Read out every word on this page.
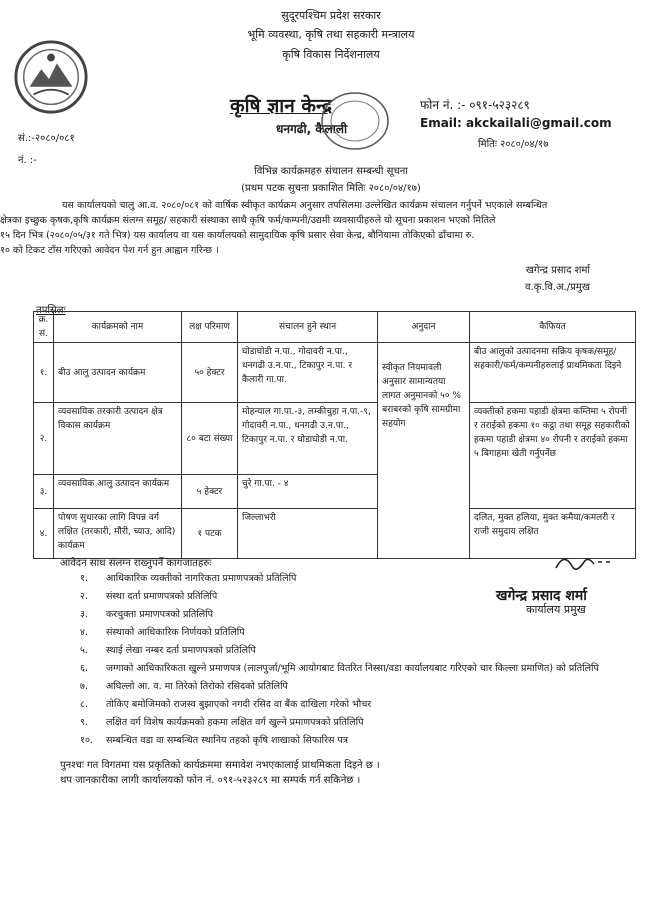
सुदूरपश्चिम प्रदेश सरकार
भूमि व्यवस्था, कृषि तथा सहकारी मन्त्रालय
कृषि विकास निर्देशनालय
कृषि ज्ञान केन्द्र
धनगढी, कैलाली
फोन नं. :- ०९१-५२३२८९
Email: akckailali@gmail.com
मितिः २०८०/०४/१७
सं.:-२०८०/०८१
नं. :-
विभिन्न कार्यक्रमहरु संचालन सम्बन्धी सूचना
(प्रथम पटक सुचना प्रकाशित मितिः २०८०/०४/१७)
यस कार्यालयको चालु आ.व. २०८०/०८१ को वार्षिक स्वीकृत कार्यक्रम अनुसार तपसिलमा उल्लेखित कार्यक्रम संचालन गर्नुपर्ने भएकाले सम्बन्धित
क्षेत्रका इच्छुक कृषक,कृषि कार्यक्रम संलग्न समूह/ सहकारी संस्थाका साथै कृषि फर्म/कम्पनी/उद्यमी व्यवसायीहरुले यो सूचना प्रकाशन भएको मितिले
१५ दिन भित्र (२०८०/०५/३१ गते भित्र) यस कार्यालय वा यस कार्यालयको सामुदायिक कृषि प्रसार सेवा केन्द्र, बौनियामा तोकिएको ढाँचामा रु.
१० को टिकट टाँस गरिएको आवेदन पेश गर्न हुन आह्वान गरिन्छ ।
खगेन्द्र प्रसाद शर्मा
व.कृ.वि.अ./प्रमुख
तपसिलः
क्र. सं.	कार्यक्रमको नाम	लक्ष परिमाण	संचालन हुने स्थान	अनुदान	कैफियत
१.	बीउ आलु उत्पादन कार्यक्रम	५० हेक्टर	घोडाघोडी न.पा., गोदावरी न.पा., धनगढी उ.न.पा., टिकापुर न.पा. र कैलारी गा.पा.	स्वीकृत नियमावली अनुसार सामान्यतया लागत अनुमानको ५० % बराबरको कृषि सामग्रीमा सहयोग	बीउ आलुको उत्पादनमा सक्रिय कृषक/समूह/सहकारी/फर्म/कम्पनीहरुलाई प्राथमिकता दिइने
२.	व्यवसायिक तरकारी उत्पादन क्षेत्र विकास कार्यक्रम	८० बटा संख्या	मोहन्याल गा.पा.-३, लम्कीचुहा न.पा.-९, गोदावरी न.पा., धनगढी उ.न.पा., टिकापुर न.पा. र घोडाघोडी न.पा.		व्यक्तीको हकमा पहाडी क्षेत्रमा कम्तिमा ५ रोपनी र तराईको हकमा १० कट्ठा तथा समूह सहकारीको हकमा पहाडी क्षेत्रमा ४० रोपनी र तराईको हकमा ५ बिगाहमा खेती गर्नुपर्नेछ
३.	व्यवसायिक आलु उत्पादन कार्यक्रम	५ हेक्टर	चुरे गा.पा. - ४		
४.	पोषण सुधारका लागि विपन्न वर्ग लक्षित (तरकारी, मौरी, च्याउ, आदि) कार्यक्रम	१ पटक	जिल्लाभरी		दलित, मुक्त हलिया, मुक्त कमैया/कमलरी र राजी समुदाय लक्षित
आवेदन साथ संलग्न राख्नुपर्ने कागजातहरुः
१.	आधिकारिक व्यक्तीको नागरिकता प्रमाणपत्रको प्रतिलिपि
२.	संस्था दर्ता प्रमाणपत्रको प्रतिलिपि
३.	करचुक्ता प्रमाणपत्रको प्रतिलिपि
४.	संस्थाको आधिकारिक निर्णयको प्रतिलिपि
५.	स्थाई लेखा नम्बर दर्ता प्रमाणपत्रको प्रतिलिपि
६.	जग्गाको आधिकारिकता खुल्ने प्रमाणपत्र (लालपुर्जा/भूमि आयोगबाट वितरित निस्सा/वडा कार्यालयबाट गरिएको चार किल्ला प्रमाणित) को प्रतिलिपि
७.	अघिल्लो आ. व. मा तिरेको तिरोको रसिदको प्रतिलिपि
८.	तोकिए बमोजिमको राजस्व बुझाएको नगदी रसिद वा बैंक दाखिला गरेको भौचर
९.	लक्षित वर्ग विशेष कार्यक्रमको हकमा लक्षित वर्ग खुल्ने प्रमाणपत्रको प्रतिलिपि
१०.	सम्बन्धित वडा वा सम्बन्धित स्थानिय तहको कृषि शाखाको सिफारिस पत्र
पुनश्चः गत विगतमा यस प्रकृतिको कार्यक्रममा समावेश नभएकालाई प्राथमिकता दिइने छ ।
थप जानकारीका लागी कार्यालयको फोन नं. ०९१-५२३२८९ मा सम्पर्क गर्न सकिनेछ ।
खगेन्द्र प्रसाद शर्मा
कार्यालय प्रमुख
